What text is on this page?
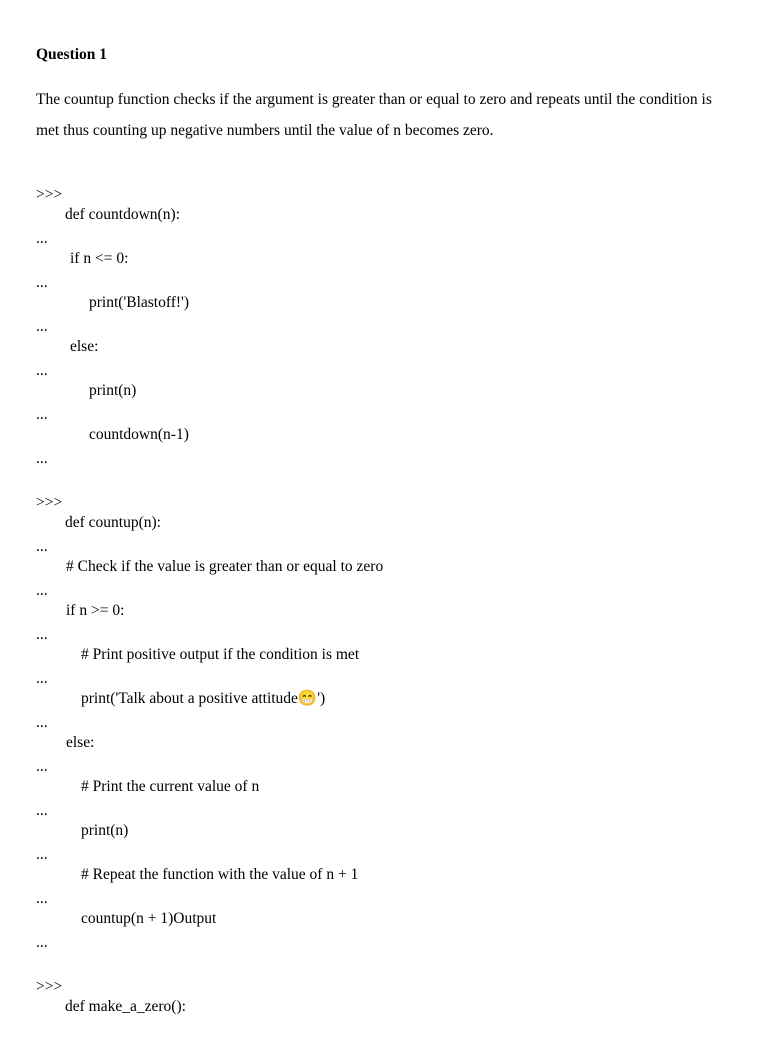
Question 1
The countup function checks if the argument is greater than or equal to zero and repeats until the condition is met thus counting up negative numbers until the value of n becomes zero.

>>>

def countdown(n):

...

if n <= 0:

...

print('Blastoff!')

...

else:

...

print(n)

...

countdown(n-1)

...

>>>

def countup(n):

...

# Check if the value is greater than or equal to zero

...

if n >= 0:

...

# Print positive output if the condition is met

...

print('Talk about a positive attitude😁')

...

else:

...

# Print the current value of n

...

print(n)

...

# Repeat the function with the value of n + 1

...

countup(n + 1)Output

...

>>>

def make_a_zero():
